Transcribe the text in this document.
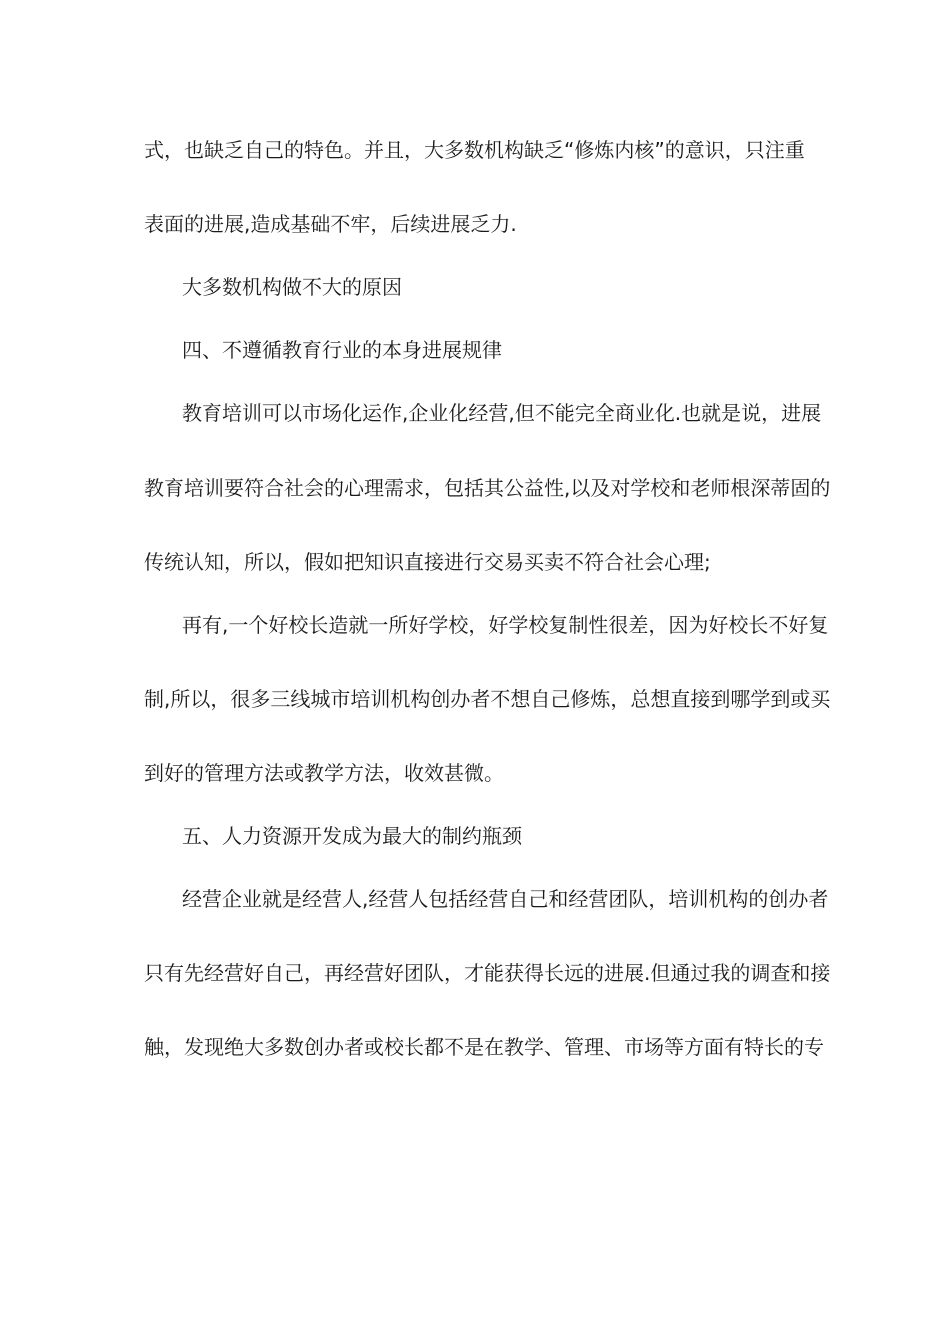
式，也缺乏自己的特色。并且，大多数机构缺乏“修炼内核”的意识，只注重
表面的进展,造成基础不牢，后续进展乏力.
大多数机构做不大的原因
四、不遵循教育行业的本身进展规律
教育培训可以市场化运作,企业化经营,但不能完全商业化.也就是说，进展
教育培训要符合社会的心理需求，包括其公益性,以及对学校和老师根深蒂固的
传统认知，所以，假如把知识直接进行交易买卖不符合社会心理;
再有,一个好校长造就一所好学校，好学校复制性很差，因为好校长不好复
制,所以，很多三线城市培训机构创办者不想自己修炼，总想直接到哪学到或买
到好的管理方法或教学方法，收效甚微。
五、人力资源开发成为最大的制约瓶颈
经营企业就是经营人,经营人包括经营自己和经营团队，培训机构的创办者
只有先经营好自己，再经营好团队，才能获得长远的进展.但通过我的调查和接
触，发现绝大多数创办者或校长都不是在教学、管理、市场等方面有特长的专
